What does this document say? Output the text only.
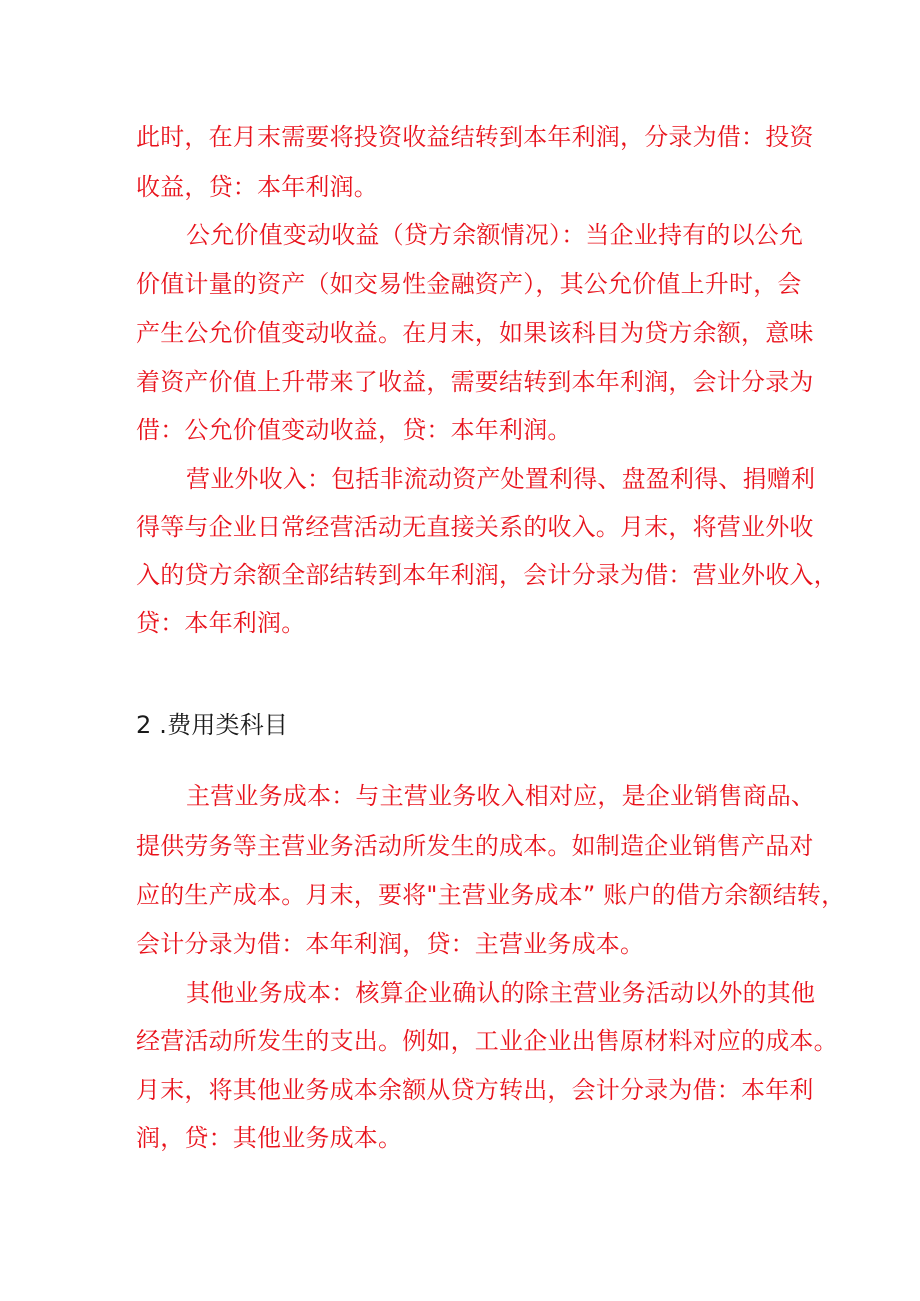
此时，在月末需要将投资收益结转到本年利润，分录为借：投资

收益，贷：本年利润。

公允价值变动收益（贷方余额情况）：当企业持有的以公允

价值计量的资产（如交易性金融资产），其公允价值上升时，会

产生公允价值变动收益。在月末，如果该科目为贷方余额，意味

着资产价值上升带来了收益，需要结转到本年利润，会计分录为

借：公允价值变动收益，贷：本年利润。

营业外收入：包括非流动资产处置利得、盘盈利得、捐赠利

得等与企业日常经营活动无直接关系的收入。月末，将营业外收

入的贷方余额全部结转到本年利润，会计分录为借：营业外收入，

贷：本年利润。

2 .费用类科目

主营业务成本：与主营业务收入相对应，是企业销售商品、

提供劳务等主营业务活动所发生的成本。如制造企业销售产品对

应的生产成本。月末，要将"主营业务成本” 账户的借方余额结转，

会计分录为借：本年利润，贷：主营业务成本。

其他业务成本：核算企业确认的除主营业务活动以外的其他

经营活动所发生的支出。例如，工业企业出售原材料对应的成本。

月末，将其他业务成本余额从贷方转出，会计分录为借：本年利

润，贷：其他业务成本。
